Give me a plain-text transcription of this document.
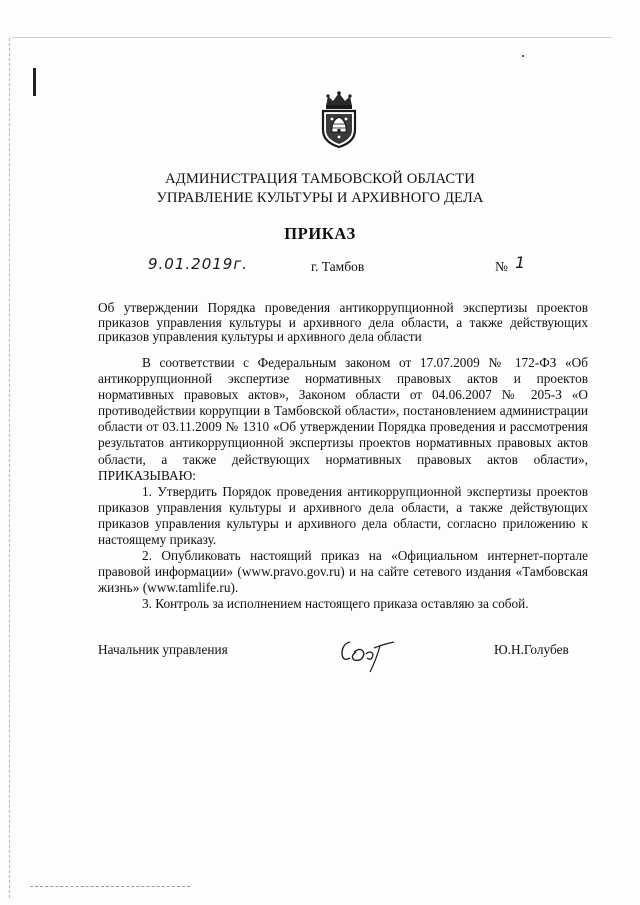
АДМИНИСТРАЦИЯ ТАМБОВСКОЙ ОБЛАСТИ
УПРАВЛЕНИЕ КУЛЬТУРЫ И АРХИВНОГО ДЕЛА
ПРИКАЗ
9.01.2019г.	г. Тамбов	№ 1
Об утверждении Порядка проведения антикоррупционной экспертизы проектов приказов управления культуры и архивного дела области, а также действующих приказов управления культуры и архивного дела области

В соответствии с Федеральным законом от 17.07.2009 № 172-ФЗ «Об антикоррупционной экспертизе нормативных правовых актов и проектов нормативных правовых актов», Законом области от 04.06.2007 № 205-З «О противодействии коррупции в Тамбовской области», постановлением администрации области от 03.11.2009 № 1310 «Об утверждении Порядка проведения и рассмотрения результатов антикоррупционной экспертизы проектов нормативных правовых актов области, а также действующих нормативных правовых актов области», ПРИКАЗЫВАЮ:

1. Утвердить Порядок проведения антикоррупционной экспертизы проектов приказов управления культуры и архивного дела области, а также действующих приказов управления культуры и архивного дела области, согласно приложению к настоящему приказу.

2. Опубликовать настоящий приказ на «Официальном интернет-портале правовой информации» (www.pravo.gov.ru) и на сайте сетевого издания «Тамбовская жизнь» (www.tamlife.ru).

3. Контроль за исполнением настоящего приказа оставляю за собой.

Начальник управления	Ю.Н.Голубев
